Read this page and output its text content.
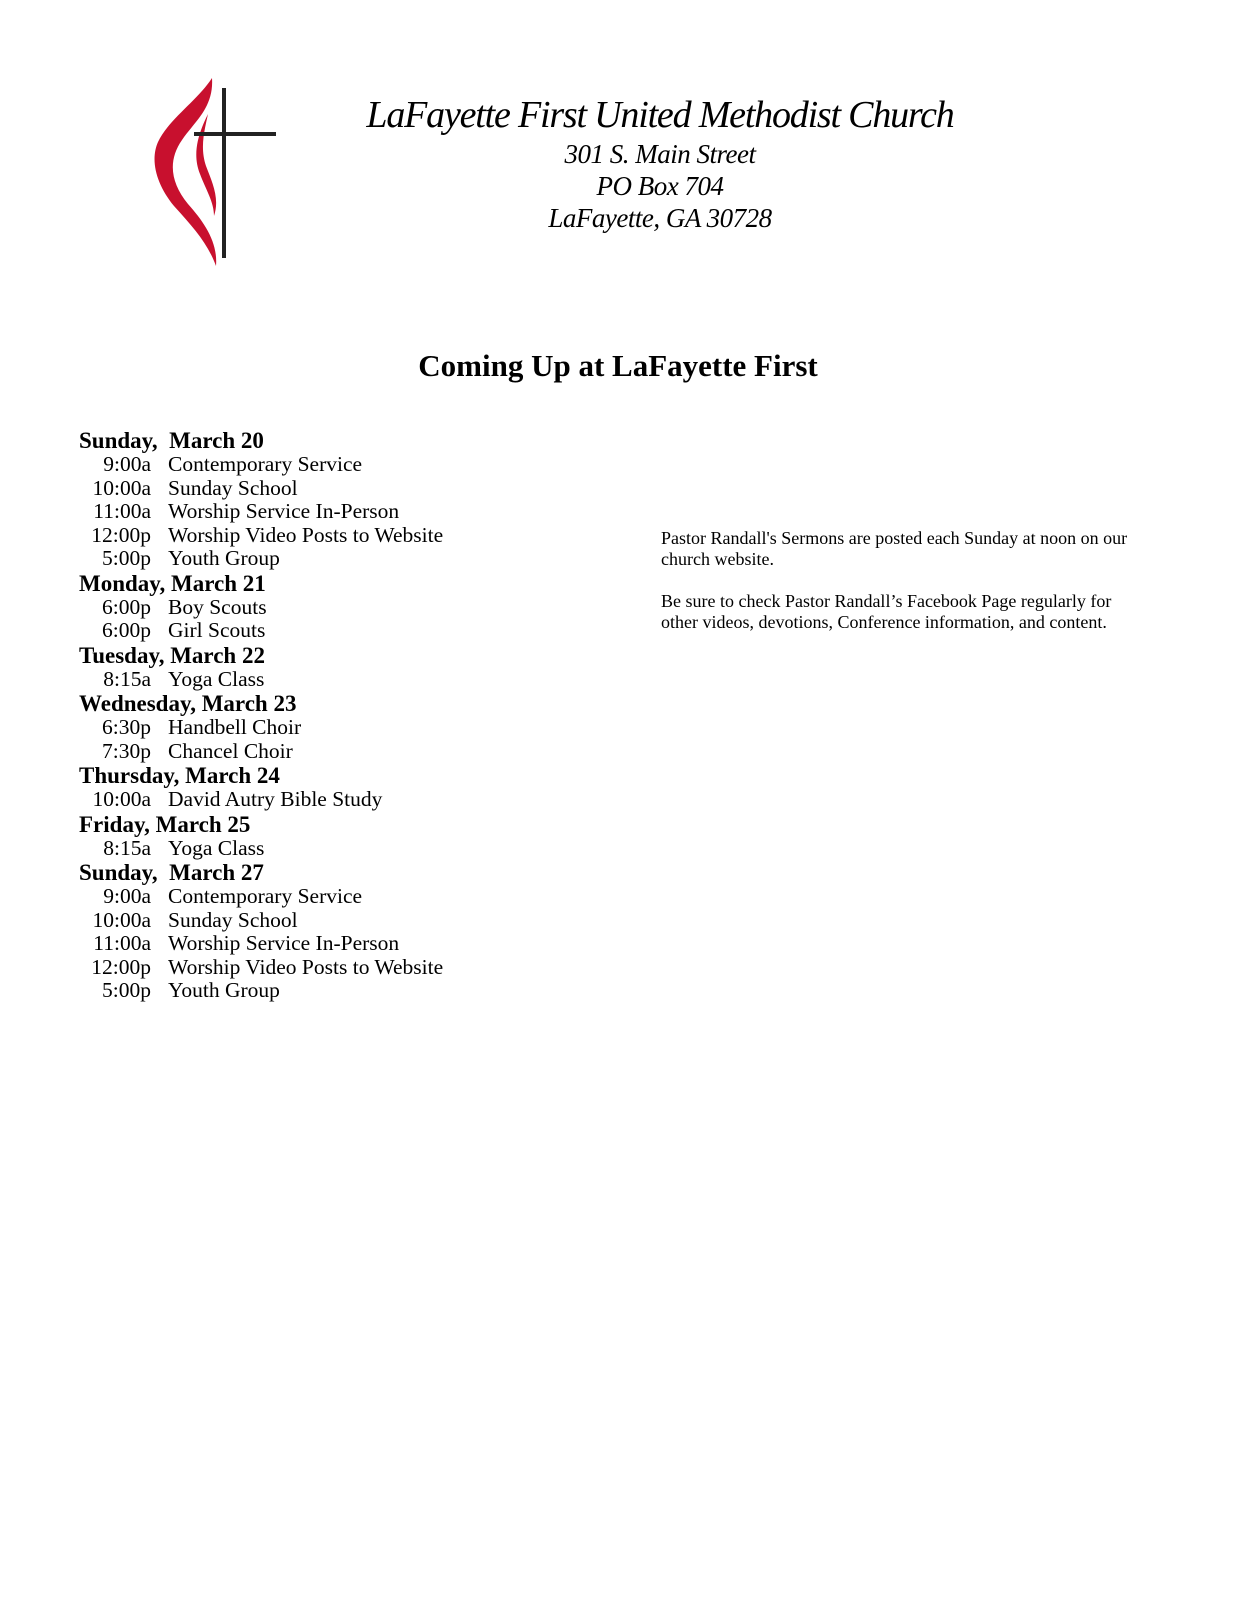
LaFayette First United Methodist Church
301 S. Main Street
PO Box 704
LaFayette, GA 30728
Coming Up at LaFayette First
Sunday,  March 20
9:00a Contemporary Service
10:00a Sunday School
11:00a Worship Service In-Person
12:00p Worship Video Posts to Website
5:00p Youth Group
Monday, March 21
6:00p Boy Scouts
6:00p Girl Scouts
Tuesday, March 22
8:15a Yoga Class
Wednesday, March 23
6:30p Handbell Choir
7:30p Chancel Choir
Thursday, March 24
10:00a David Autry Bible Study
Friday, March 25
8:15a Yoga Class
Sunday,  March 27
9:00a Contemporary Service
10:00a Sunday School
11:00a Worship Service In-Person
12:00p Worship Video Posts to Website
5:00p Youth Group

Pastor Randall's Sermons are posted each Sunday at noon on our church website.

Be sure to check Pastor Randall’s Facebook Page regularly for other videos, devotions, Conference information, and content.
